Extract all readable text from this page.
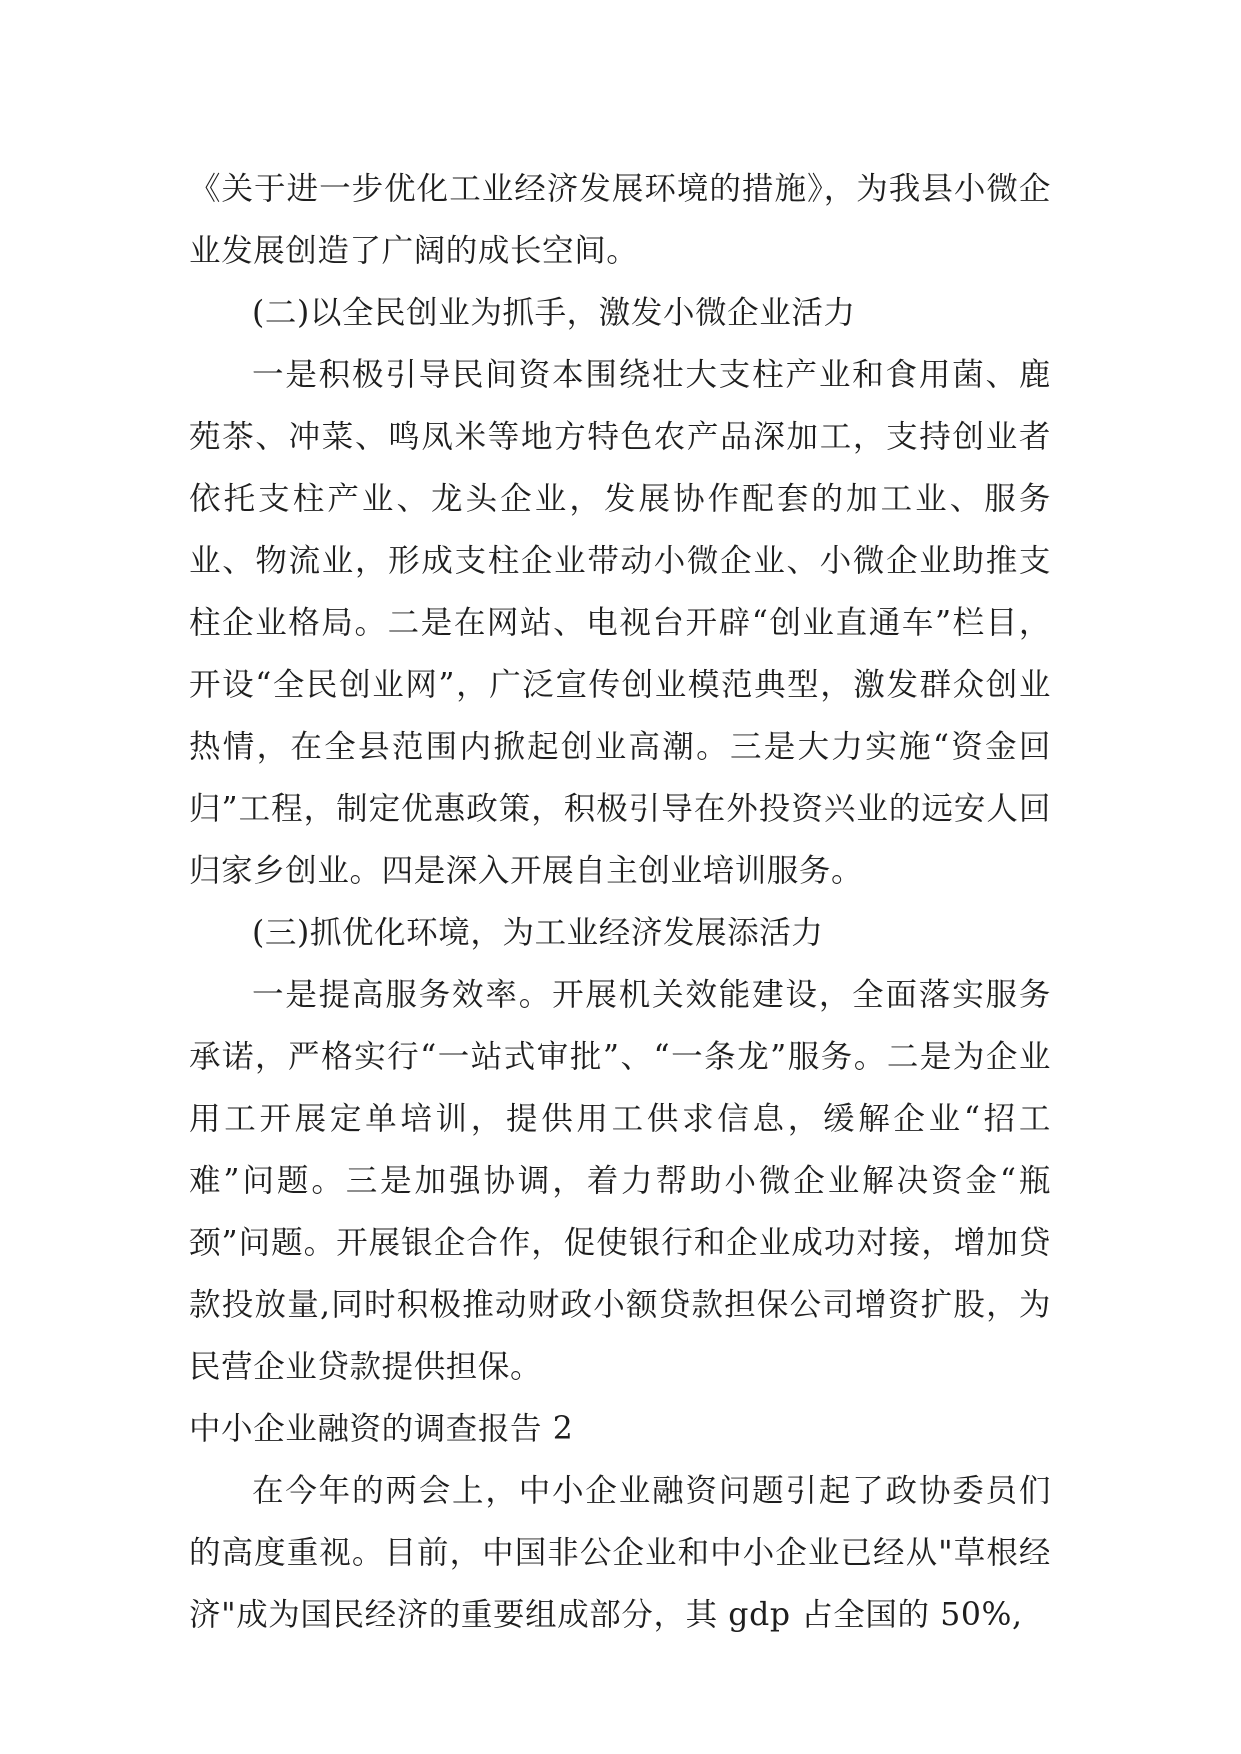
《关于进一步优化工业经济发展环境的措施》，为我县小微企业发展创造了广阔的成长空间。

(二)以全民创业为抓手，激发小微企业活力

一是积极引导民间资本围绕壮大支柱产业和食用菌、鹿苑茶、冲菜、鸣凤米等地方特色农产品深加工，支持创业者依托支柱产业、龙头企业，发展协作配套的加工业、服务业、物流业，形成支柱企业带动小微企业、小微企业助推支柱企业格局。二是在网站、电视台开辟“创业直通车”栏目，开设“全民创业网”，广泛宣传创业模范典型，激发群众创业热情，在全县范围内掀起创业高潮。三是大力实施“资金回归”工程，制定优惠政策，积极引导在外投资兴业的远安人回归家乡创业。四是深入开展自主创业培训服务。

(三)抓优化环境，为工业经济发展添活力

一是提高服务效率。开展机关效能建设，全面落实服务承诺，严格实行“一站式审批”、“一条龙”服务。二是为企业用工开展定单培训，提供用工供求信息，缓解企业“招工难”问题。三是加强协调，着力帮助小微企业解决资金“瓶颈”问题。开展银企合作，促使银行和企业成功对接，增加贷款投放量,同时积极推动财政小额贷款担保公司增资扩股，为民营企业贷款提供担保。

中小企业融资的调查报告 2

在今年的两会上，中小企业融资问题引起了政协委员们的高度重视。目前，中国非公企业和中小企业已经从"草根经济"成为国民经济的重要组成部分，其 gdp 占全国的 50%,
